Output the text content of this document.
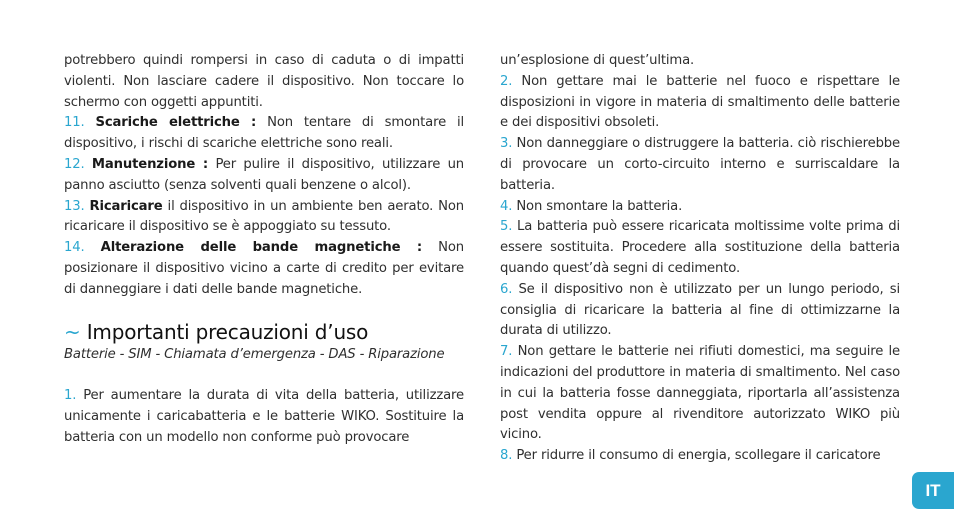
potrebbero quindi rompersi in caso di caduta o di impatti violenti. Non lasciare cadere il dispositivo. Non toccare lo schermo con oggetti appuntiti.

11. Scariche elettriche : Non tentare di smontare il dispositivo, i rischi di scariche elettriche sono reali.

12. Manutenzione : Per pulire il dispositivo, utilizzare un panno asciutto (senza solventi quali benzene o alcol).

13. Ricaricare il dispositivo in un ambiente ben aerato. Non ricaricare il dispositivo se è appoggiato su tessuto.

14. Alterazione delle bande magnetiche : Non posizionare il dispositivo vicino a carte di credito per evitare di danneggiare i dati delle bande magnetiche.

~ Importanti precauzioni d’uso

Batterie - SIM - Chiamata d’emergenza - DAS - Riparazione

1. Per aumentare la durata di vita della batteria, utilizzare unicamente i caricabatteria e le batterie WIKO. Sostituire la batteria con un modello non conforme può provocare

un’esplosione di quest’ultima.

2. Non gettare mai le batterie nel fuoco e rispettare le disposizioni in vigore in materia di smaltimento delle batterie e dei dispositivi obsoleti.

3. Non danneggiare o distruggere la batteria. ciò rischierebbe di provocare un corto-circuito interno e surriscaldare la batteria.

4. Non smontare la batteria.

5. La batteria può essere ricaricata moltissime volte prima di essere sostituita. Procedere alla sostituzione della batteria quando quest’dà segni di cedimento.

6. Se il dispositivo non è utilizzato per un lungo periodo, si consiglia di ricaricare la batteria al fine di ottimizzarne la durata di utilizzo.

7. Non gettare le batterie nei rifiuti domestici, ma seguire le indicazioni del produttore in materia di smaltimento. Nel caso in cui la batteria fosse danneggiata, riportarla all’assistenza post vendita oppure al rivenditore autorizzato WIKO più vicino.

8. Per ridurre il consumo di energia, scollegare il caricatore

IT
